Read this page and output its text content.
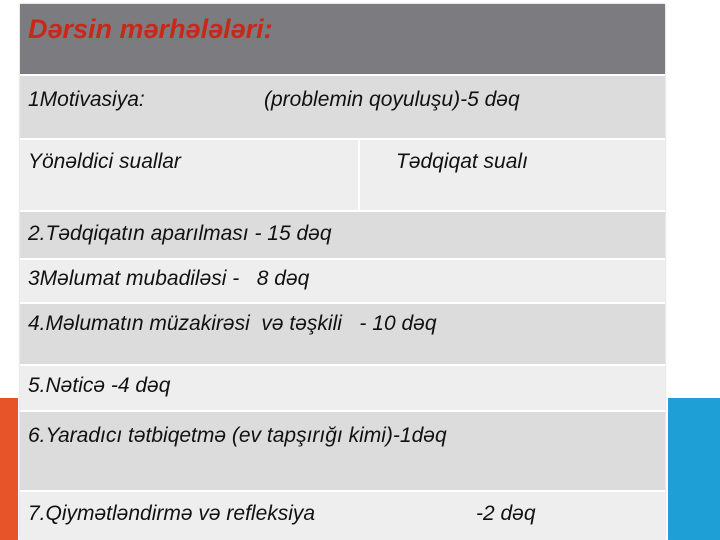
Dərsin mərhələləri:
1Motivasiya:	(problemin qoyuluşu)-5 dəq
Yönəldici suallar	Tədqiqat sualı
2.Tədqiqatın aparılması - 15 dəq
3Məlumat mubadiləsi -   8 dəq
4.Məlumatın müzakirəsi  və təşkili   - 10 dəq
5.Nəticə -4 dəq
6.Yaradıcı tətbiqetmə (ev tapşırığı kimi)-1dəq
7.Qiymətləndirmə və refleksiya	-2 dəq
